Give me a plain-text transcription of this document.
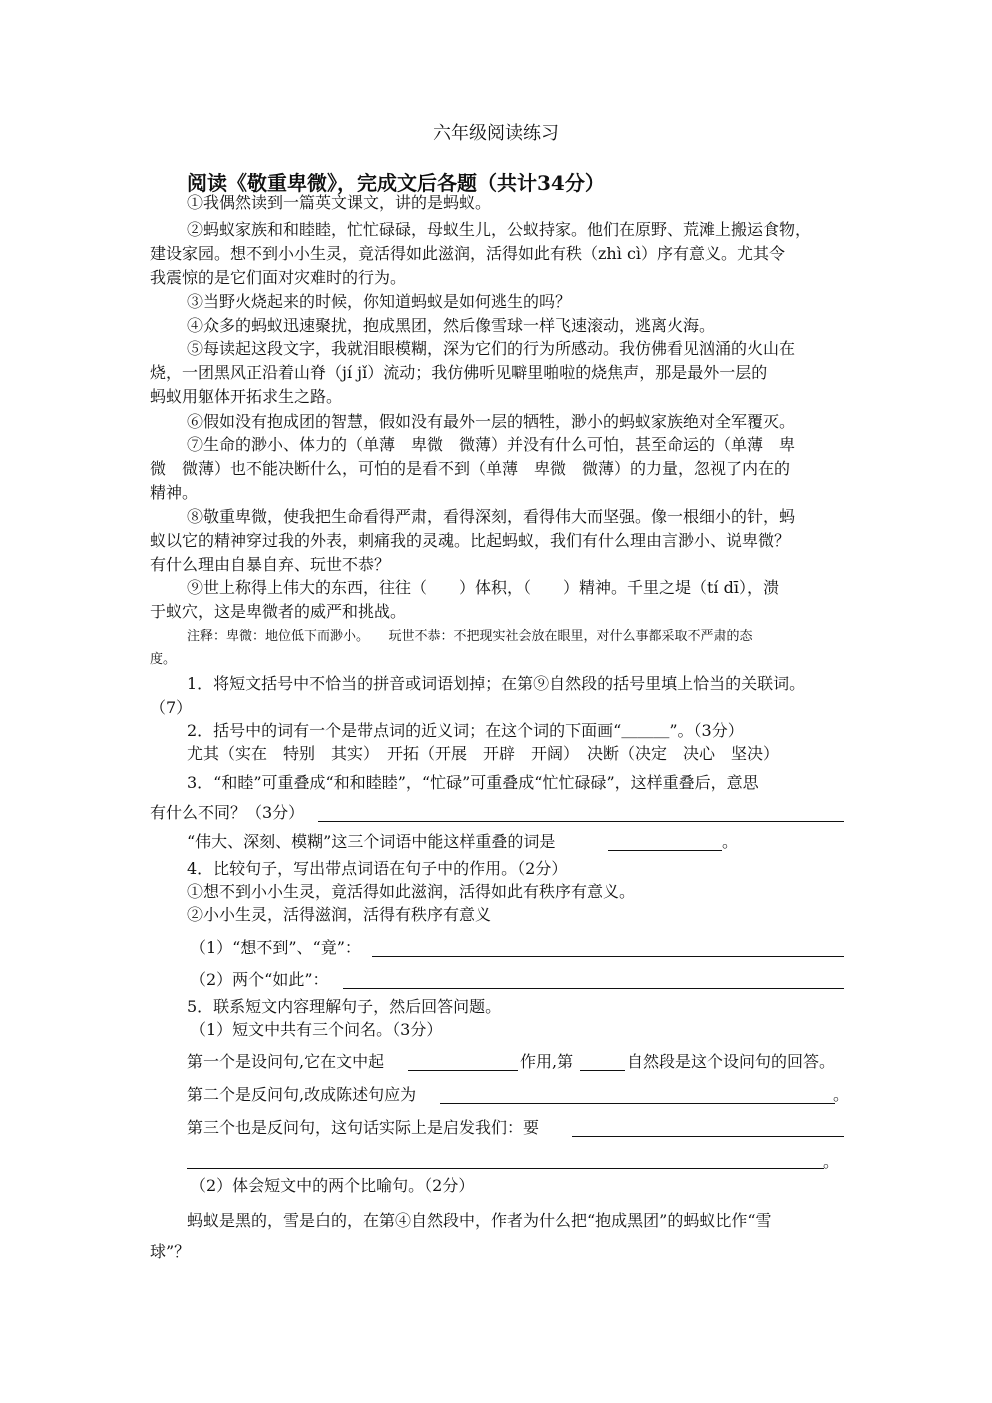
六年级阅读练习
阅读《敬重卑微》，完成文后各题（共计34分）
①我偶然读到一篇英文课文，讲的是蚂蚁。
②蚂蚁家族和和睦睦，忙忙碌碌，母蚁生儿，公蚁持家。他们在原野、荒滩上搬运食物，
建设家园。想不到小小生灵，竟活得如此滋润，活得如此有秩（zhì cì）序有意义。尤其令
我震惊的是它们面对灾难时的行为。
③当野火烧起来的时候，你知道蚂蚁是如何逃生的吗？
④众多的蚂蚁迅速聚扰，抱成黑团，然后像雪球一样飞速滚动，逃离火海。
⑤每读起这段文字，我就泪眼模糊，深为它们的行为所感动。我仿佛看见汹涌的火山在
烧，一团黑风正沿着山脊（jí jǐ）流动；我仿佛听见噼里啪啦的烧焦声，那是最外一层的
蚂蚁用躯体开拓求生之路。
⑥假如没有抱成团的智慧，假如没有最外一层的牺牲，渺小的蚂蚁家族绝对全军覆灭。
⑦生命的渺小、体力的（单薄　卑微　微薄）并没有什么可怕，甚至命运的（单薄　卑
微　微薄）也不能决断什么，可怕的是看不到（单薄　卑微　微薄）的力量，忽视了内在的
精神。
⑧敬重卑微，使我把生命看得严肃，看得深刻，看得伟大而坚强。像一根细小的针，蚂
蚁以它的精神穿过我的外表，刺痛我的灵魂。比起蚂蚁，我们有什么理由言渺小、说卑微？
有什么理由自暴自弃、玩世不恭？
⑨世上称得上伟大的东西，往往（　　）体积，（　　）精神。千里之堤（tí dī），溃
于蚁穴，这是卑微者的威严和挑战。
注释：卑微：地位低下而渺小。　　玩世不恭：不把现实社会放在眼里，对什么事都采取不严肃的态
度。
1．将短文括号中不恰当的拼音或词语划掉；在第⑨自然段的括号里填上恰当的关联词。
（7）
2．括号中的词有一个是带点词的近义词；在这个词的下面画“＿＿＿”。（3分）
尤其（实在　特别　其实）　开拓（开展　开辟　开阔）　决断（决定　决心　坚决）
3．“和睦”可重叠成“和和睦睦”，“忙碌”可重叠成“忙忙碌碌”，这样重叠后，意思
有什么不同？（3分）
“伟大、深刻、模糊”这三个词语中能这样重叠的词是	。
4．比较句子，写出带点词语在句子中的作用。（2分）
①想不到小小生灵，竟活得如此滋润，活得如此有秩序有意义。
②小小生灵，活得滋润，活得有秩序有意义
（1）“想不到”、“竟”：
（2）两个“如此”：
5．联系短文内容理解句子，然后回答问题。
（1）短文中共有三个问名。（3分）
第一个是设问句,它在文中起	作用,第	自然段是这个设问句的回答。
第二个是反问句,改成陈述句应为	。
第三个也是反问句，这句话实际上是启发我们：要
。
（2）体会短文中的两个比喻句。（2分）
蚂蚁是黑的，雪是白的，在第④自然段中，作者为什么把“抱成黑团”的蚂蚁比作“雪
球”？
